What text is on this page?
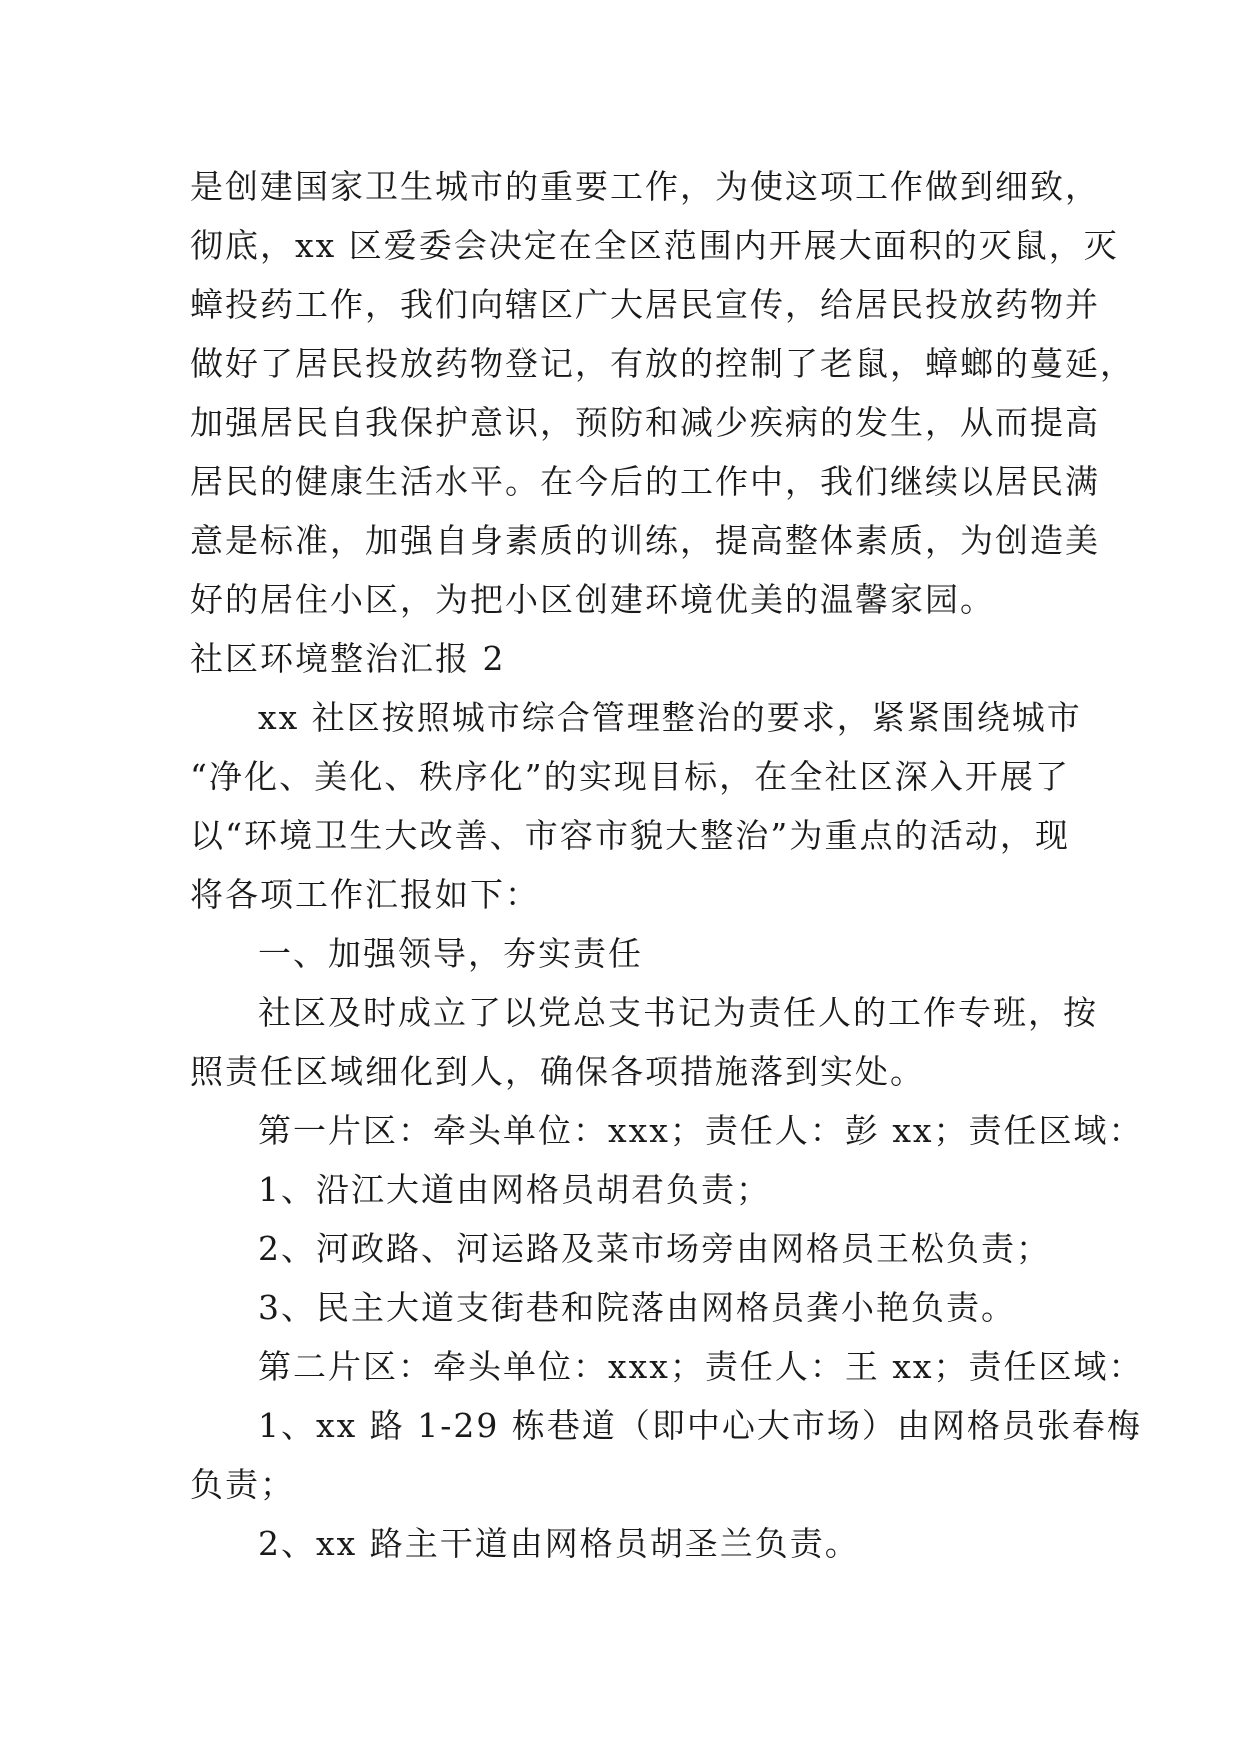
是创建国家卫生城市的重要工作，为使这项工作做到细致，
彻底，xx 区爱委会决定在全区范围内开展大面积的灭鼠，灭
蟑投药工作，我们向辖区广大居民宣传，给居民投放药物并
做好了居民投放药物登记，有放的控制了老鼠，蟑螂的蔓延，
加强居民自我保护意识，预防和减少疾病的发生，从而提高
居民的健康生活水平。在今后的工作中，我们继续以居民满
意是标准，加强自身素质的训练，提高整体素质，为创造美
好的居住小区，为把小区创建环境优美的温馨家园。
社区环境整治汇报 2
xx 社区按照城市综合管理整治的要求，紧紧围绕城市
“净化、美化、秩序化”的实现目标，在全社区深入开展了
以“环境卫生大改善、市容市貌大整治”为重点的活动，现
将各项工作汇报如下：
一、加强领导，夯实责任
社区及时成立了以党总支书记为责任人的工作专班，按
照责任区域细化到人，确保各项措施落到实处。
第一片区：牵头单位：xxx；责任人：彭 xx；责任区域：
1、沿江大道由网格员胡君负责；
2、河政路、河运路及菜市场旁由网格员王松负责；
3、民主大道支街巷和院落由网格员龚小艳负责。
第二片区：牵头单位：xxx；责任人：王 xx；责任区域：
1、xx 路 1-29 栋巷道（即中心大市场）由网格员张春梅
负责；
2、xx 路主干道由网格员胡圣兰负责。
